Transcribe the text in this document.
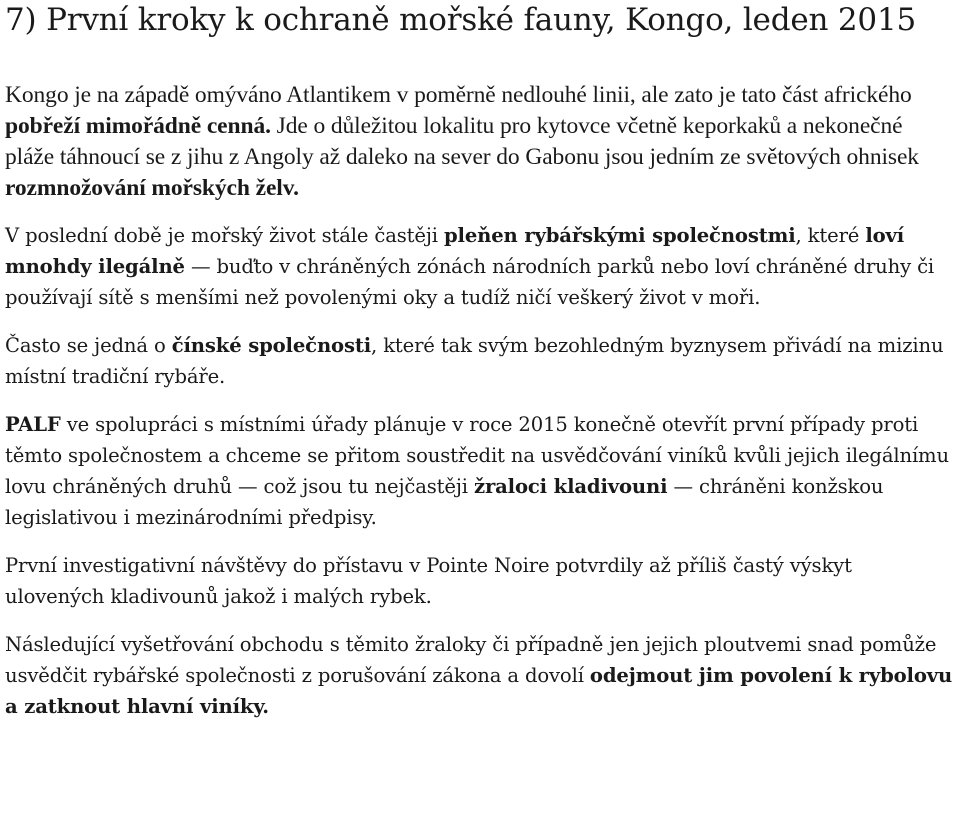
7) První kroky k ochraně mořské fauny, Kongo, leden 2015

Kongo je na západě omýváno Atlantikem v poměrně nedlouhé linii, ale zato je tato část afrického pobřeží mimořádně cenná. Jde o důležitou lokalitu pro kytovce včetně keporkaků a nekonečné pláže táhnoucí se z jihu z Angoly až daleko na sever do Gabonu jsou jedním ze světových ohnisek rozmnožování mořských želv.

V poslední době je mořský život stále častěji pleňen rybářskými společnostmi, které loví mnohdy ilegálně — buďto v chráněných zónách národních parků nebo loví chráněné druhy či používají sítě s menšími než povolenými oky a tudíž ničí veškerý život v moři.

Často se jedná o čínské společnosti, které tak svým bezohledným byznysem přivádí na mizinu místní tradiční rybáře.

PALF ve spolupráci s místními úřady plánuje v roce 2015 konečně otevřít první případy proti těmto společnostem a chceme se přitom soustředit na usvědčování viníků kvůli jejich ilegálnímu lovu chráněných druhů — což jsou tu nejčastěji žraloci kladivouni — chráněni konžskou legislativou i mezinárodními předpisy.

První investigativní návštěvy do přístavu v Pointe Noire potvrdily až příliš častý výskyt ulovených kladivounů jakož i malých rybek.

Následující vyšetřování obchodu s těmito žraloky či případně jen jejich ploutvemi snad pomůže usvědčit rybářské společnosti z porušování zákona a dovolí odejmout jim povolení k rybolovu a zatknout hlavní viníky.
